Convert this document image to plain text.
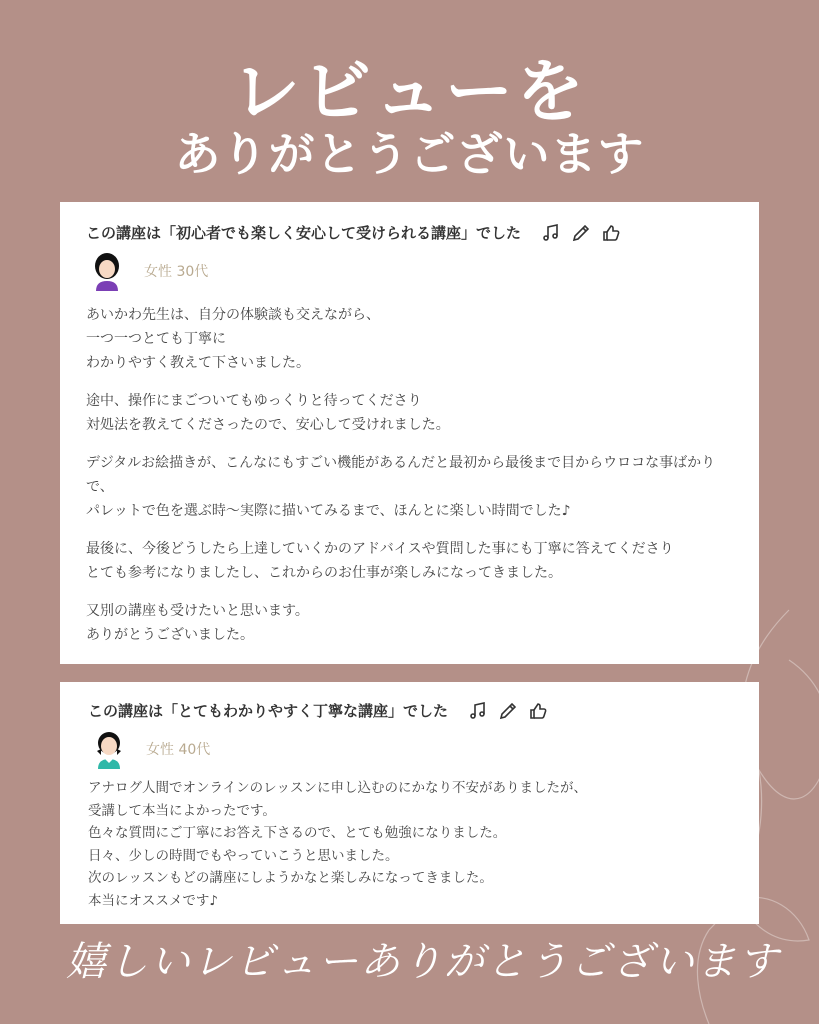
レビューを
ありがとうございます
この講座は「初心者でも楽しく安心して受けられる講座」でした
女性 30代
あいかわ先生は、自分の体験談も交えながら、
一つ一つとても丁寧に
わかりやすく教えて下さいました。
途中、操作にまごついてもゆっくりと待ってくださり
対処法を教えてくださったので、安心して受けれました。
デジタルお絵描きが、こんなにもすごい機能があるんだと最初から最後まで目からウロコな事ばかり
で、
パレットで色を選ぶ時〜実際に描いてみるまで、ほんとに楽しい時間でした♪
最後に、今後どうしたら上達していくかのアドバイスや質問した事にも丁寧に答えてくださり
とても参考になりましたし、これからのお仕事が楽しみになってきました。
又別の講座も受けたいと思います。
ありがとうございました。
この講座は「とてもわかりやすく丁寧な講座」でした
女性 40代
アナログ人間でオンラインのレッスンに申し込むのにかなり不安がありましたが、
受講して本当によかったです。
色々な質問にご丁寧にお答え下さるので、とても勉強になりました。
日々、少しの時間でもやっていこうと思いました。
次のレッスンもどの講座にしようかなと楽しみになってきました。
本当にオススメです♪
嬉しいレビューありがとうございます
